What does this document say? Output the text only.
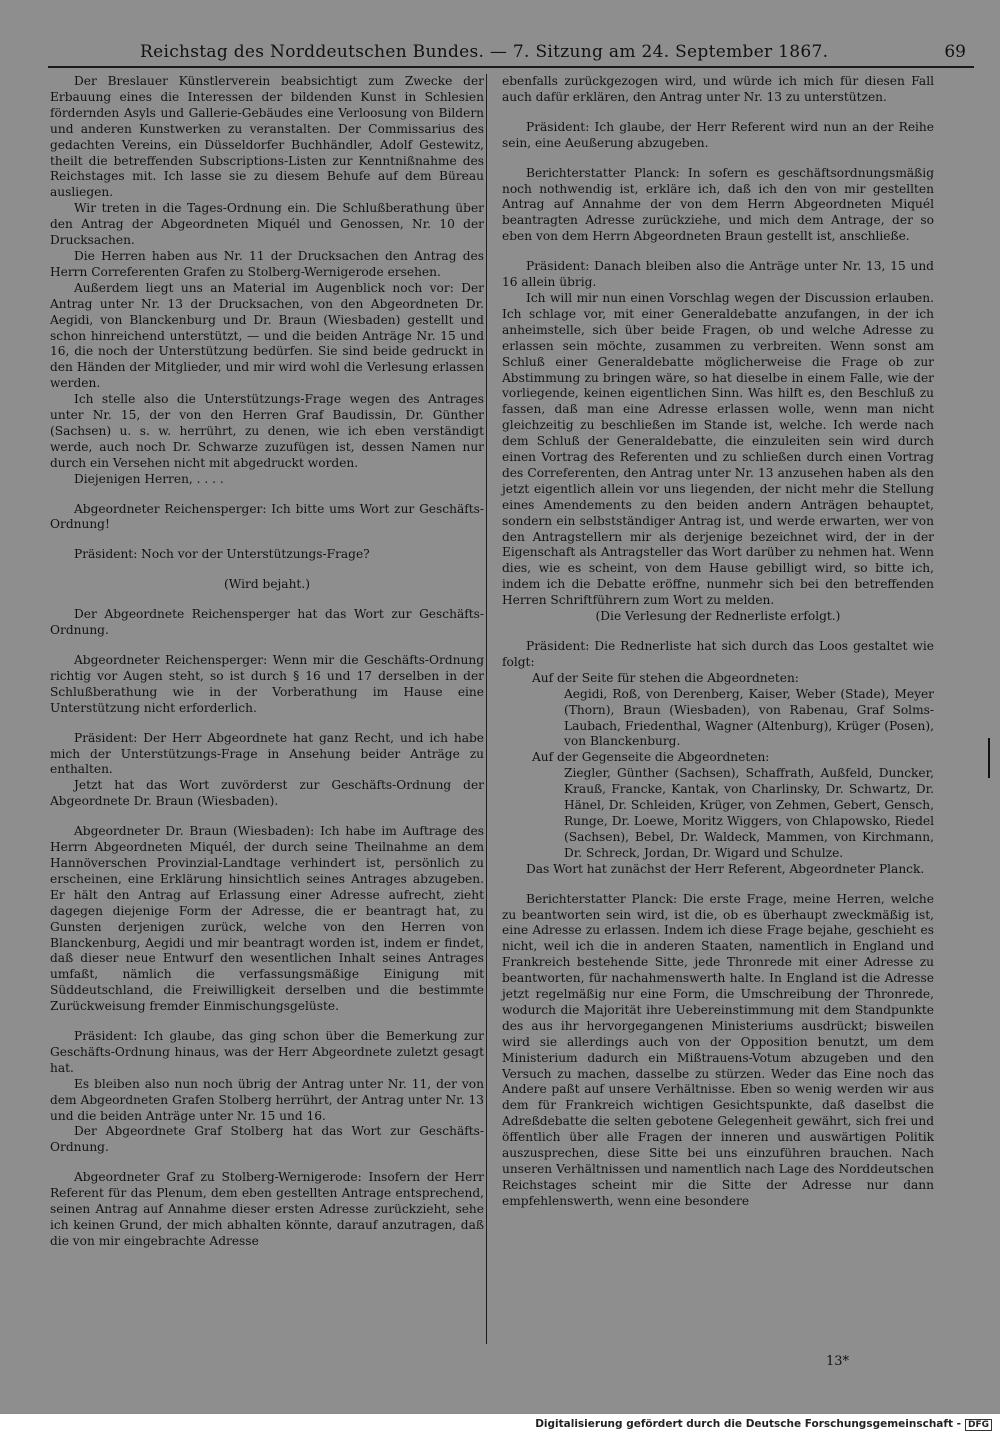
Reichstag des Norddeutschen Bundes. — 7. Sitzung am 24. September 1867.	69

Der Breslauer Künstlerverein beabsichtigt zum Zwecke der Erbauung eines die Interessen der bildenden Kunst in Schlesien fördernden Asyls und Gallerie-Gebäudes eine Verloosung von Bildern und anderen Kunstwerken zu veranstalten. Der Commissarius des gedachten Vereins, ein Düsseldorfer Buchhändler, Adolf Gestewitz, theilt die betreffenden Subscriptions-Listen zur Kenntnißnahme des Reichstages mit. Ich lasse sie zu diesem Behufe auf dem Büreau ausliegen.

Wir treten in die Tages-Ordnung ein. Die Schlußberathung über den Antrag der Abgeordneten Miquél und Genossen, Nr. 10 der Drucksachen.

Die Herren haben aus Nr. 11 der Drucksachen den Antrag des Herrn Correferenten Grafen zu Stolberg-Wernigerode ersehen.

Außerdem liegt uns an Material im Augenblick noch vor: Der Antrag unter Nr. 13 der Drucksachen, von den Abgeordneten Dr. Aegidi, von Blanckenburg und Dr. Braun (Wiesbaden) gestellt und schon hinreichend unterstützt, — und die beiden Anträge Nr. 15 und 16, die noch der Unterstützung bedürfen. Sie sind beide gedruckt in den Händen der Mitglieder, und mir wird wohl die Verlesung erlassen werden.

Ich stelle also die Unterstützungs-Frage wegen des Antrages unter Nr. 15, der von den Herren Graf Baudissin, Dr. Günther (Sachsen) u. s. w. herrührt, zu denen, wie ich eben verständigt werde, auch noch Dr. Schwarze zuzufügen ist, dessen Namen nur durch ein Versehen nicht mit abgedruckt worden.

Diejenigen Herren, . . . .

Abgeordneter Reichensperger: Ich bitte ums Wort zur Geschäfts-Ordnung!

Präsident: Noch vor der Unterstützungs-Frage?

(Wird bejaht.)

Der Abgeordnete Reichensperger hat das Wort zur Geschäfts-Ordnung.

Abgeordneter Reichensperger: Wenn mir die Geschäfts-Ordnung richtig vor Augen steht, so ist durch § 16 und 17 derselben in der Schlußberathung wie in der Vorberathung im Hause eine Unterstützung nicht erforderlich.

Präsident: Der Herr Abgeordnete hat ganz Recht, und ich habe mich der Unterstützungs-Frage in Ansehung beider Anträge zu enthalten.

Jetzt hat das Wort zuvörderst zur Geschäfts-Ordnung der Abgeordnete Dr. Braun (Wiesbaden).

Abgeordneter Dr. Braun (Wiesbaden): Ich habe im Auftrage des Herrn Abgeordneten Miquél, der durch seine Theilnahme an dem Hannöverschen Provinzial-Landtage verhindert ist, persönlich zu erscheinen, eine Erklärung hinsichtlich seines Antrages abzugeben. Er hält den Antrag auf Erlassung einer Adresse aufrecht, zieht dagegen diejenige Form der Adresse, die er beantragt hat, zu Gunsten derjenigen zurück, welche von den Herren von Blanckenburg, Aegidi und mir beantragt worden ist, indem er findet, daß dieser neue Entwurf den wesentlichen Inhalt seines Antrages umfaßt, nämlich die verfassungsmäßige Einigung mit Süddeutschland, die Freiwilligkeit derselben und die bestimmte Zurückweisung fremder Einmischungsgelüste.

Präsident: Ich glaube, das ging schon über die Bemerkung zur Geschäfts-Ordnung hinaus, was der Herr Abgeordnete zuletzt gesagt hat.

Es bleiben also nun noch übrig der Antrag unter Nr. 11, der von dem Abgeordneten Grafen Stolberg herrührt, der Antrag unter Nr. 13 und die beiden Anträge unter Nr. 15 und 16.

Der Abgeordnete Graf Stolberg hat das Wort zur Geschäfts-Ordnung.

Abgeordneter Graf zu Stolberg-Wernigerode: Insofern der Herr Referent für das Plenum, dem eben gestellten Antrage entsprechend, seinen Antrag auf Annahme dieser ersten Adresse zurückzieht, sehe ich keinen Grund, der mich abhalten könnte, darauf anzutragen, daß die von mir eingebrachte Adresse

ebenfalls zurückgezogen wird, und würde ich mich für diesen Fall auch dafür erklären, den Antrag unter Nr. 13 zu unterstützen.

Präsident: Ich glaube, der Herr Referent wird nun an der Reihe sein, eine Aeußerung abzugeben.

Berichterstatter Planck: In sofern es geschäftsordnungsmäßig noch nothwendig ist, erkläre ich, daß ich den von mir gestellten Antrag auf Annahme der von dem Herrn Abgeordneten Miquél beantragten Adresse zurückziehe, und mich dem Antrage, der so eben von dem Herrn Abgeordneten Braun gestellt ist, anschließe.

Präsident: Danach bleiben also die Anträge unter Nr. 13, 15 und 16 allein übrig.

Ich will mir nun einen Vorschlag wegen der Discussion erlauben. Ich schlage vor, mit einer Generaldebatte anzufangen, in der ich anheimstelle, sich über beide Fragen, ob und welche Adresse zu erlassen sein möchte, zusammen zu verbreiten. Wenn sonst am Schluß einer Generaldebatte möglicherweise die Frage ob zur Abstimmung zu bringen wäre, so hat dieselbe in einem Falle, wie der vorliegende, keinen eigentlichen Sinn. Was hilft es, den Beschluß zu fassen, daß man eine Adresse erlassen wolle, wenn man nicht gleichzeitig zu beschließen im Stande ist, welche. Ich werde nach dem Schluß der Generaldebatte, die einzuleiten sein wird durch einen Vortrag des Referenten und zu schließen durch einen Vortrag des Correferenten, den Antrag unter Nr. 13 anzusehen haben als den jetzt eigentlich allein vor uns liegenden, der nicht mehr die Stellung eines Amendements zu den beiden andern Anträgen behauptet, sondern ein selbstständiger Antrag ist, und werde erwarten, wer von den Antragstellern mir als derjenige bezeichnet wird, der in der Eigenschaft als Antragsteller das Wort darüber zu nehmen hat. Wenn dies, wie es scheint, von dem Hause gebilligt wird, so bitte ich, indem ich die Debatte eröffne, nunmehr sich bei den betreffenden Herren Schriftführern zum Wort zu melden.

(Die Verlesung der Rednerliste erfolgt.)

Präsident: Die Rednerliste hat sich durch das Loos gestaltet wie folgt:

Auf der Seite für stehen die Abgeordneten:

Aegidi, Roß, von Derenberg, Kaiser, Weber (Stade), Meyer (Thorn), Braun (Wiesbaden), von Rabenau, Graf Solms-Laubach, Friedenthal, Wagner (Altenburg), Krüger (Posen), von Blanckenburg.

Auf der Gegenseite die Abgeordneten:

Ziegler, Günther (Sachsen), Schaffrath, Außfeld, Duncker, Krauß, Francke, Kantak, von Charlinsky, Dr. Schwartz, Dr. Hänel, Dr. Schleiden, Krüger, von Zehmen, Gebert, Gensch, Runge, Dr. Loewe, Moritz Wiggers, von Chlapowsko, Riedel (Sachsen), Bebel, Dr. Waldeck, Mammen, von Kirchmann, Dr. Schreck, Jordan, Dr. Wigard und Schulze.

Das Wort hat zunächst der Herr Referent, Abgeordneter Planck.

Berichterstatter Planck: Die erste Frage, meine Herren, welche zu beantworten sein wird, ist die, ob es überhaupt zweckmäßig ist, eine Adresse zu erlassen. Indem ich diese Frage bejahe, geschieht es nicht, weil ich die in anderen Staaten, namentlich in England und Frankreich bestehende Sitte, jede Thronrede mit einer Adresse zu beantworten, für nachahmenswerth halte. In England ist die Adresse jetzt regelmäßig nur eine Form, die Umschreibung der Thronrede, wodurch die Majorität ihre Uebereinstimmung mit dem Standpunkte des aus ihr hervorgegangenen Ministeriums ausdrückt; bisweilen wird sie allerdings auch von der Opposition benutzt, um dem Ministerium dadurch ein Mißtrauens-Votum abzugeben und den Versuch zu machen, dasselbe zu stürzen. Weder das Eine noch das Andere paßt auf unsere Verhältnisse. Eben so wenig werden wir aus dem für Frankreich wichtigen Gesichtspunkte, daß daselbst die Adreßdebatte die selten gebotene Gelegenheit gewährt, sich frei und öffentlich über alle Fragen der inneren und auswärtigen Politik auszusprechen, diese Sitte bei uns einzuführen brauchen. Nach unseren Verhältnissen und namentlich nach Lage des Norddeutschen Reichstages scheint mir die Sitte der Adresse nur dann empfehlenswerth, wenn eine besondere

13*
Digitalisierung gefördert durch die Deutsche Forschungsgemeinschaft - DFG
